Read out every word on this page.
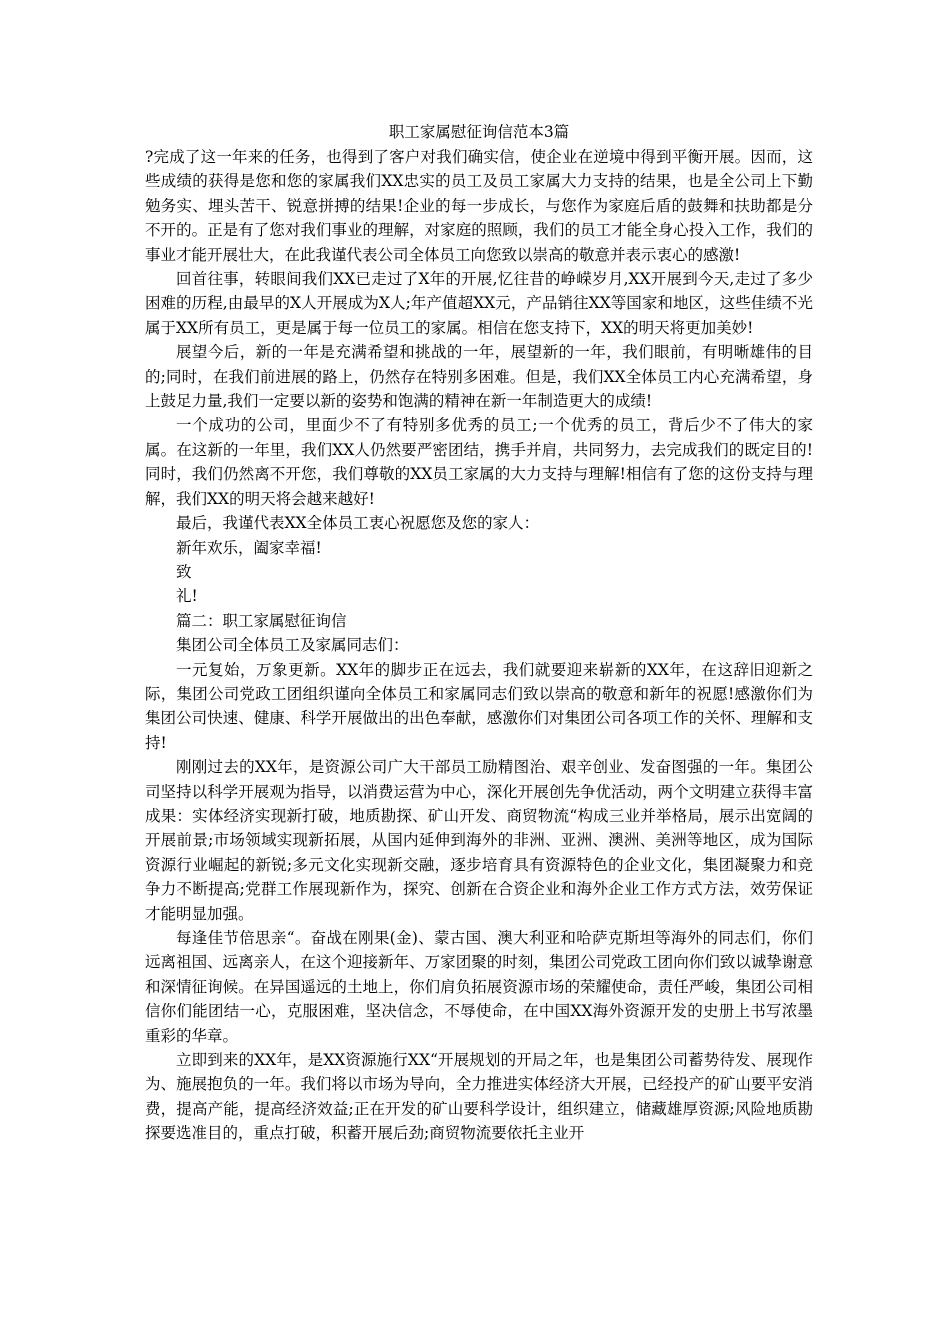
职工家属慰征询信范本3篇

?完成了这一年来的任务，也得到了客户对我们确实信，使企业在逆境中得到平衡开展。因而，这些成绩的获得是您和您的家属我们XX忠实的员工及员工家属大力支持的结果，也是全公司上下勤勉务实、埋头苦干、锐意拼搏的结果!企业的每一步成长，与您作为家庭后盾的鼓舞和扶助都是分不开的。正是有了您对我们事业的理解，对家庭的照顾，我们的员工才能全身心投入工作，我们的事业才能开展壮大，在此我谨代表公司全体员工向您致以崇高的敬意并表示衷心的感激!

回首往事，转眼间我们XX已走过了X年的开展,忆往昔的峥嵘岁月,XX开展到今天,走过了多少困难的历程,由最早的X人开展成为X人;年产值超XX元，产品销往XX等国家和地区，这些佳绩不光属于XX所有员工，更是属于每一位员工的家属。相信在您支持下，XX的明天将更加美妙!

展望今后，新的一年是充满希望和挑战的一年，展望新的一年，我们眼前，有明晰雄伟的目的;同时，在我们前进展的路上，仍然存在特别多困难。但是，我们XX全体员工内心充满希望，身上鼓足力量,我们一定要以新的姿势和饱满的精神在新一年制造更大的成绩!

一个成功的公司，里面少不了有特别多优秀的员工;一个优秀的员工，背后少不了伟大的家属。在这新的一年里，我们XX人仍然要严密团结，携手并肩，共同努力，去完成我们的既定目的!同时，我们仍然离不开您，我们尊敬的XX员工家属的大力支持与理解!相信有了您的这份支持与理解，我们XX的明天将会越来越好!

最后，我谨代表XX全体员工衷心祝愿您及您的家人：

新年欢乐，阖家幸福!

致

礼!

篇二：职工家属慰征询信

集团公司全体员工及家属同志们：

一元复始，万象更新。XX年的脚步正在远去，我们就要迎来崭新的XX年，在这辞旧迎新之际，集团公司党政工团组织谨向全体员工和家属同志们致以崇高的敬意和新年的祝愿!感激你们为集团公司快速、健康、科学开展做出的出色奉献，感激你们对集团公司各项工作的关怀、理解和支持!

刚刚过去的XX年，是资源公司广大干部员工励精图治、艰辛创业、发奋图强的一年。集团公司坚持以科学开展观为指导，以消费运营为中心，深化开展创先争优活动，两个文明建立获得丰富成果：实体经济实现新打破，地质勘探、矿山开发、商贸物流“构成三业并举格局，展示出宽阔的开展前景;市场领域实现新拓展，从国内延伸到海外的非洲、亚洲、澳洲、美洲等地区，成为国际资源行业崛起的新锐;多元文化实现新交融，逐步培育具有资源特色的企业文化，集团凝聚力和竞争力不断提高;党群工作展现新作为，探究、创新在合资企业和海外企业工作方式方法，效劳保证才能明显加强。

每逢佳节倍思亲“。奋战在刚果(金)、蒙古国、澳大利亚和哈萨克斯坦等海外的同志们，你们远离祖国、远离亲人，在这个迎接新年、万家团聚的时刻，集团公司党政工团向你们致以诚挚谢意和深情征询候。在异国遥远的土地上，你们肩负拓展资源市场的荣耀使命，责任严峻，集团公司相信你们能团结一心，克服困难，坚决信念，不辱使命，在中国XX海外资源开发的史册上书写浓墨重彩的华章。

立即到来的XX年，是XX资源施行XX“开展规划的开局之年，也是集团公司蓄势待发、展现作为、施展抱负的一年。我们将以市场为导向，全力推进实体经济大开展，已经投产的矿山要平安消费，提高产能，提高经济效益;正在开发的矿山要科学设计，组织建立，储藏雄厚资源;风险地质勘探要选准目的，重点打破，积蓄开展后劲;商贸物流要依托主业开
